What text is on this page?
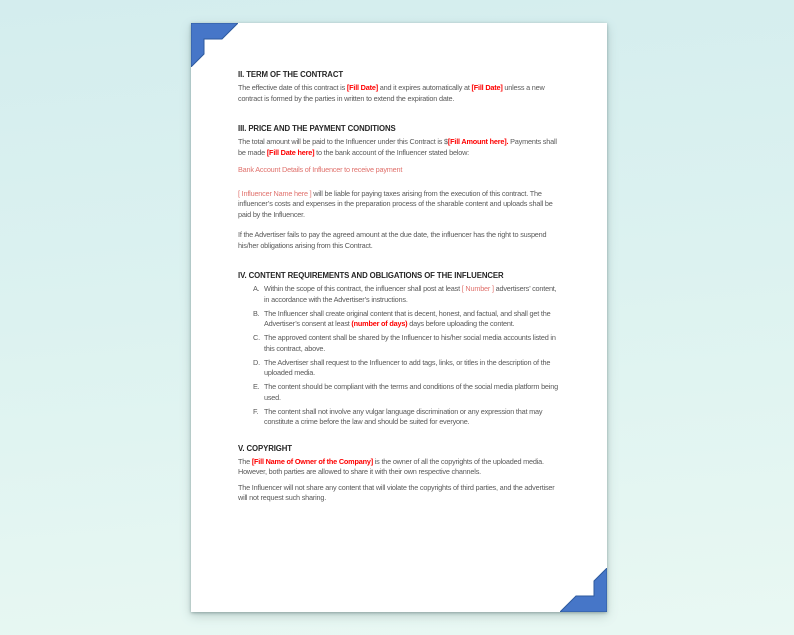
II. TERM OF THE CONTRACT

The effective date of this contract is [Fill Date] and it expires automatically at [Fill Date] unless a new contract is formed by the parties in written to extend the expiration date.

III. PRICE AND THE PAYMENT CONDITIONS

The total amount will be paid to the Influencer under this Contract is $[Fill Amount here]. Payments shall be made [Fill Date here] to the bank account of the Influencer stated below:

Bank Account Details of Influencer to receive payment

[ Influencer Name here ] will be liable for paying taxes arising from the execution of this contract. The influencer’s costs and expenses in the preparation process of the sharable content and uploads shall be paid by the Influencer.

If the Advertiser fails to pay the agreed amount at the due date, the influencer has the right to suspend his/her obligations arising from this Contract.

IV. CONTENT REQUIREMENTS AND OBLIGATIONS OF THE INFLUENCER
A. Within the scope of this contract, the influencer shall post at least [ Number ] advertisers’ content, in accordance with the Advertiser’s instructions.
B. The Influencer shall create original content that is decent, honest, and factual, and shall get the Advertiser’s consent at least (number of days) days before uploading the content.
C. The approved content shall be shared by the Influencer to his/her social media accounts listed in this contract, above.
D. The Advertiser shall request to the Influencer to add tags, links, or titles in the description of the uploaded media.
E. The content should be compliant with the terms and conditions of the social media platform being used.
F. The content shall not involve any vulgar language discrimination or any expression that may constitute a crime before the law and should be suited for everyone.
V. COPYRIGHT

The [Fill Name of Owner of the Company] is the owner of all the copyrights of the uploaded media. However, both parties are allowed to share it with their own respective channels.

The Influencer will not share any content that will violate the copyrights of third parties, and the advertiser will not request such sharing.
